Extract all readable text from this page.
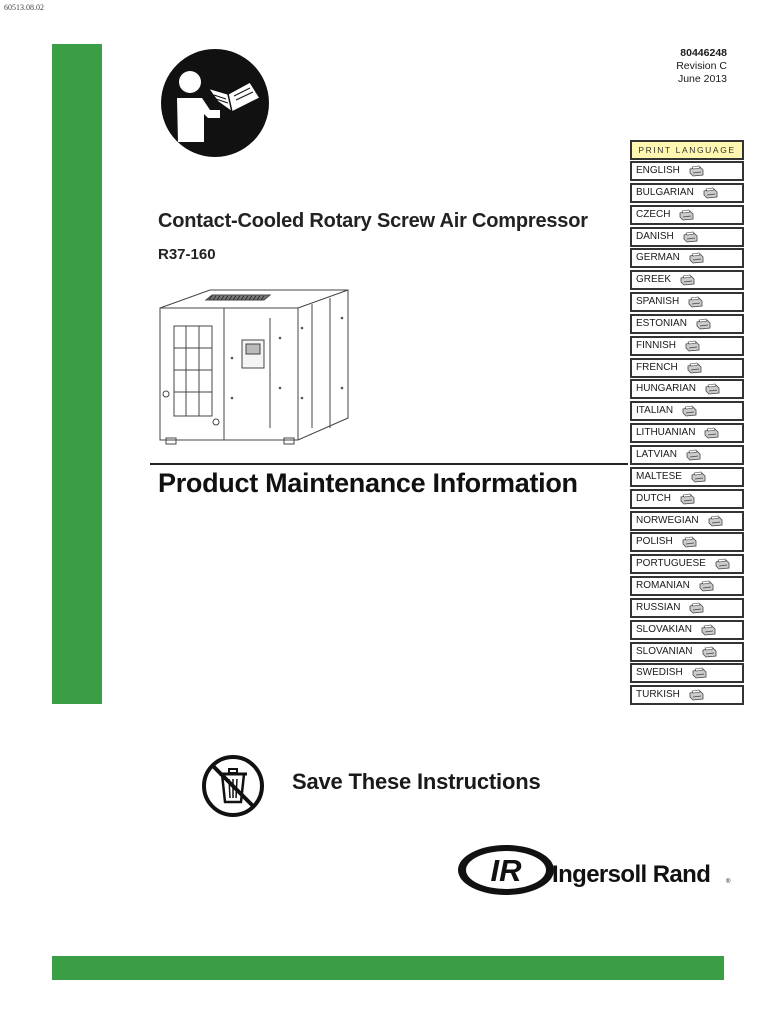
60513.08.02
80446248
Revision C
June 2013
Contact-Cooled Rotary Screw Air Compressor
R37-160
Product Maintenance Information
PRINT LANGUAGE
ENGLISH
BULGARIAN
CZECH
DANISH
GERMAN
GREEK
SPANISH
ESTONIAN
FINNISH
FRENCH
HUNGARIAN
ITALIAN
LITHUANIAN
LATVIAN
MALTESE
DUTCH
NORWEGIAN
POLISH
PORTUGUESE
ROMANIAN
RUSSIAN
SLOVAKIAN
SLOVANIAN
SWEDISH
TURKISH
Save These Instructions
IR Ingersoll Rand	®
